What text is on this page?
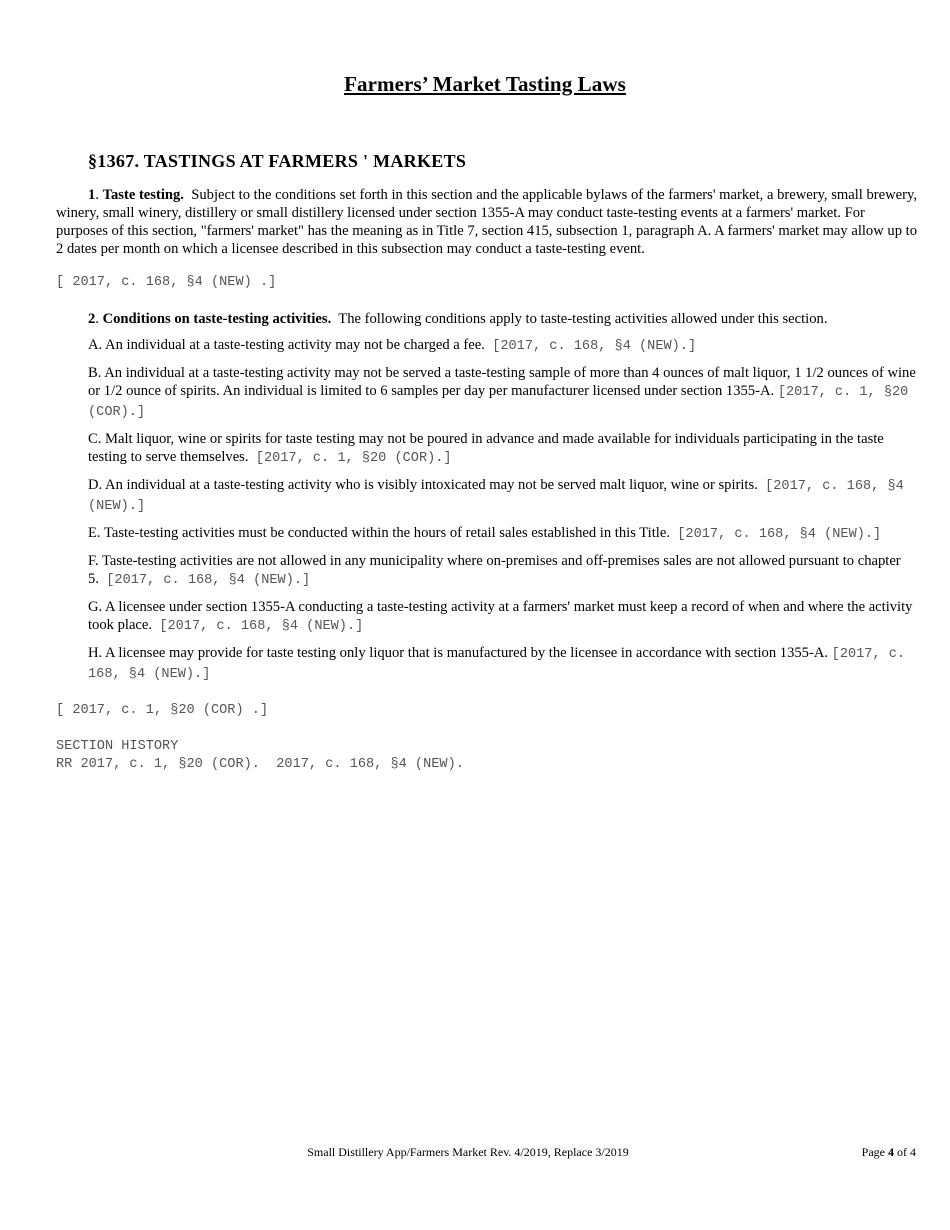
Farmers’ Market Tasting Laws
§1367. TASTINGS AT FARMERS ' MARKETS

1. Taste testing. Subject to the conditions set forth in this section and the applicable bylaws of the farmers' market, a brewery, small brewery, winery, small winery, distillery or small distillery licensed under section 1355-A may conduct taste-testing events at a farmers' market. For purposes of this section, "farmers' market" has the meaning as in Title 7, section 415, subsection 1, paragraph A. A farmers' market may allow up to 2 dates per month on which a licensee described in this subsection may conduct a taste-testing event.

[ 2017, c. 168, §4 (NEW) .]
2. Conditions on taste-testing activities. The following conditions apply to taste-testing activities allowed under this section.
A. An individual at a taste-testing activity may not be charged a fee. [2017, c. 168, §4 (NEW).]
B. An individual at a taste-testing activity may not be served a taste-testing sample of more than 4 ounces of malt liquor, 1 1/2 ounces of wine or 1/2 ounce of spirits. An individual is limited to 6 samples per day per manufacturer licensed under section 1355-A. [2017, c. 1, §20 (COR).]
C. Malt liquor, wine or spirits for taste testing may not be poured in advance and made available for individuals participating in the taste testing to serve themselves. [2017, c. 1, §20 (COR).]
D. An individual at a taste-testing activity who is visibly intoxicated may not be served malt liquor, wine or spirits. [2017, c. 168, §4 (NEW).]
E. Taste-testing activities must be conducted within the hours of retail sales established in this Title. [2017, c. 168, §4 (NEW).]
F. Taste-testing activities are not allowed in any municipality where on-premises and off-premises sales are not allowed pursuant to chapter 5. [2017, c. 168, §4 (NEW).]
G. A licensee under section 1355-A conducting a taste-testing activity at a farmers' market must keep a record of when and where the activity took place. [2017, c. 168, §4 (NEW).]
H. A licensee may provide for taste testing only liquor that is manufactured by the licensee in accordance with section 1355-A. [2017, c. 168, §4 (NEW).]
[ 2017, c. 1, §20 (COR) .]
SECTION HISTORY
RR 2017, c. 1, §20 (COR).  2017, c. 168, §4 (NEW).
Small Distillery App/Farmers Market Rev. 4/2019, Replace 3/2019	Page 4 of 4
